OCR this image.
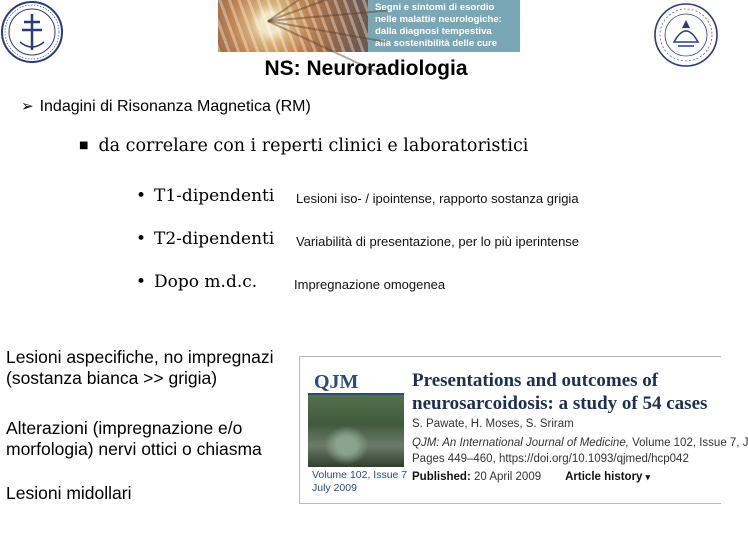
Segni e sintomi di esordio
nelle malattie neurologiche:
dalla diagnosi tempestiva
alla sostenibilità delle cure
NS: Neuroradiologia
➢ Indagini di Risonanza Magnetica (RM)
■ da correlare con i reperti clinici e laboratoristici
• T1-dipendenti Lesioni iso- / ipointense, rapporto sostanza grigia
• T2-dipendenti Variabilità di presentazione, per lo più iperintense
• Dopo m.d.c.	Impregnazione omogenea
Lesioni aspecifiche, no impregnazi
(sostanza bianca >> grigia)
Alterazioni (impregnazione e/o
morfologia) nervi ottici o chiasma
Lesioni midollari
QJM
Volume 102, Issue 7
July 2009
Presentations and outcomes of
neurosarcoidosis: a study of 54 cases
S. Pawate, H. Moses, S. Sriram
QJM: An International Journal of Medicine, Volume 102, Issue 7, J
Pages 449–460, https://doi.org/10.1093/qjmed/hcp042
Published: 20 April 2009 Article history ▾
